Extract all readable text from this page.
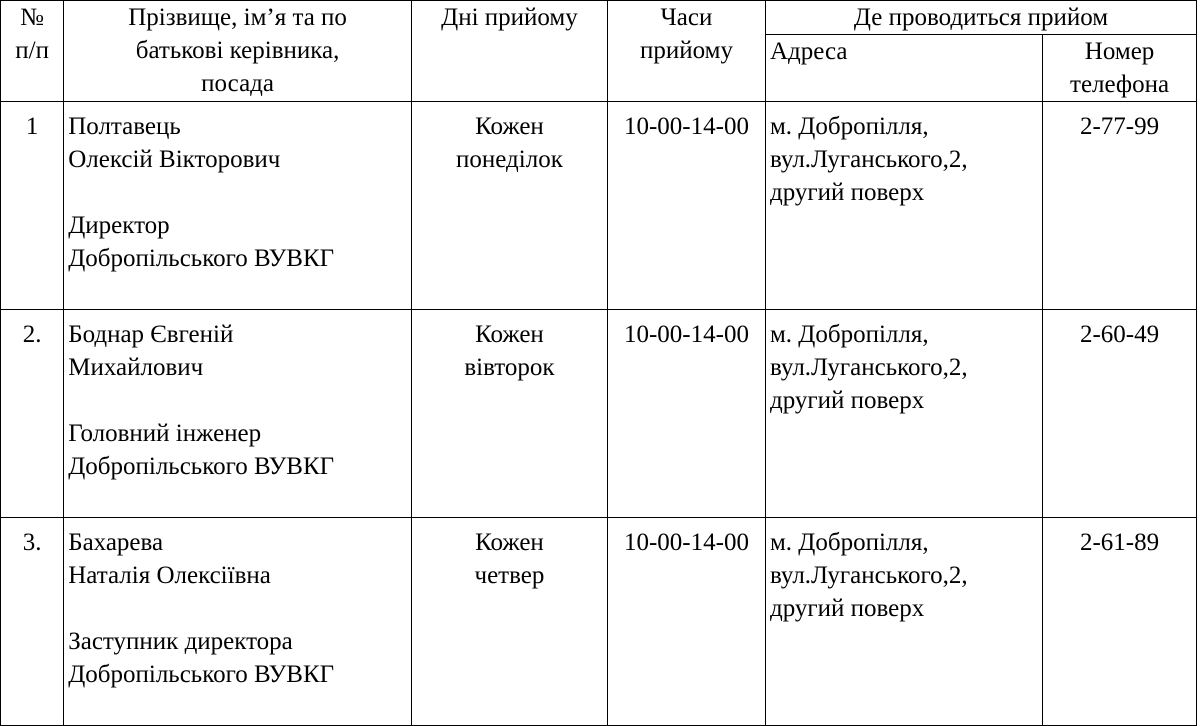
№
п/п	Прізвище, ім’я та по
батькові керівника,
посада	Дні прийому	Часи
прийому	Де проводиться прийом	
				Адреса	Номер
телефона

1	Полтавець
Олексій Вікторович
Директор
Добропільського ВУВКГ	Кожен
понеділок	10-00-14-00	м. Добропілля,
вул.Луганського,2,
другий поверх	2-77-99
2.	Боднар Євгеній
Михайлович
Головний інженер
Добропільського ВУВКГ	Кожен
вівторок	10-00-14-00	м. Добропілля,
вул.Луганського,2,
другий поверх	2-60-49
3.	Бахарева
Наталія Олексіївна
Заступник директора
Добропільського ВУВКГ	Кожен
четвер	10-00-14-00	м. Добропілля,
вул.Луганського,2,
другий поверх	2-61-89
